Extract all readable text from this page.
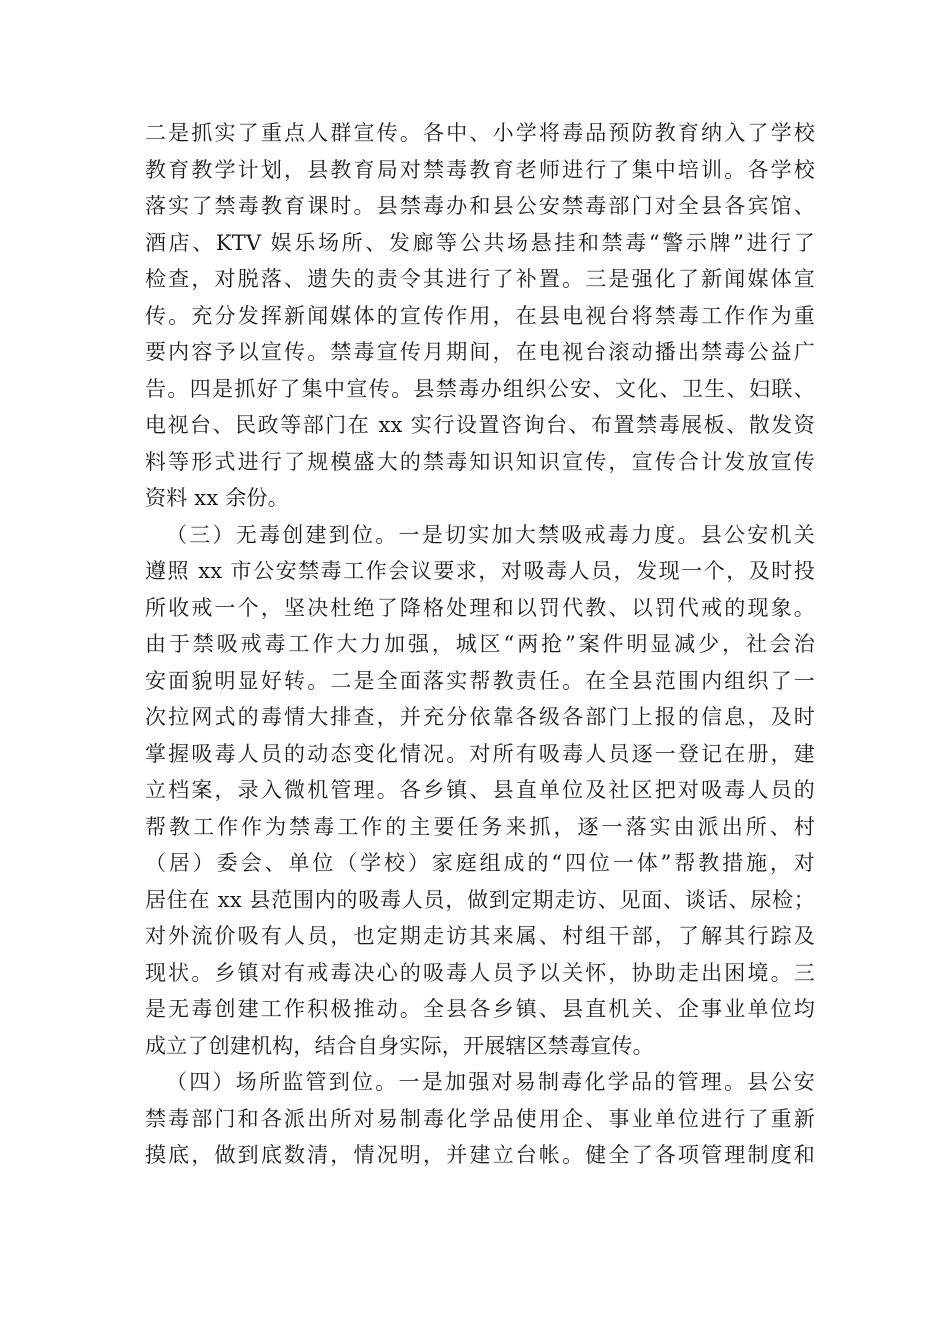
二是抓实了重点人群宣传。各中、小学将毒品预防教育纳入了学校
教育教学计划，县教育局对禁毒教育老师进行了集中培训。各学校
落实了禁毒教育课时。县禁毒办和县公安禁毒部门对全县各宾馆、
酒店、KTV 娱乐场所、发廊等公共场悬挂和禁毒“警示牌”进行了
检查，对脱落、遗失的责令其进行了补置。三是强化了新闻媒体宣
传。充分发挥新闻媒体的宣传作用，在县电视台将禁毒工作作为重
要内容予以宣传。禁毒宣传月期间，在电视台滚动播出禁毒公益广
告。四是抓好了集中宣传。县禁毒办组织公安、文化、卫生、妇联、
电视台、民政等部门在 xx 实行设置咨询台、布置禁毒展板、散发资
料等形式进行了规模盛大的禁毒知识知识宣传，宣传合计发放宣传
资料 xx 余份。
（三）无毒创建到位。一是切实加大禁吸戒毒力度。县公安机关
遵照 xx 市公安禁毒工作会议要求，对吸毒人员，发现一个，及时投
所收戒一个，坚决杜绝了降格处理和以罚代教、以罚代戒的现象。
由于禁吸戒毒工作大力加强，城区“两抢”案件明显减少，社会治
安面貌明显好转。二是全面落实帮教责任。在全县范围内组织了一
次拉网式的毒情大排查，并充分依靠各级各部门上报的信息，及时
掌握吸毒人员的动态变化情况。对所有吸毒人员逐一登记在册，建
立档案，录入微机管理。各乡镇、县直单位及社区把对吸毒人员的
帮教工作作为禁毒工作的主要任务来抓，逐一落实由派出所、村
（居）委会、单位（学校）家庭组成的“四位一体”帮教措施，对
居住在 xx 县范围内的吸毒人员，做到定期走访、见面、谈话、尿检；
对外流价吸有人员，也定期走访其来属、村组干部，了解其行踪及
现状。乡镇对有戒毒决心的吸毒人员予以关怀，协助走出困境。三
是无毒创建工作积极推动。全县各乡镇、县直机关、企事业单位均
成立了创建机构，结合自身实际，开展辖区禁毒宣传。
（四）场所监管到位。一是加强对易制毒化学品的管理。县公安
禁毒部门和各派出所对易制毒化学品使用企、事业单位进行了重新
摸底，做到底数清，情况明，并建立台帐。健全了各项管理制度和
